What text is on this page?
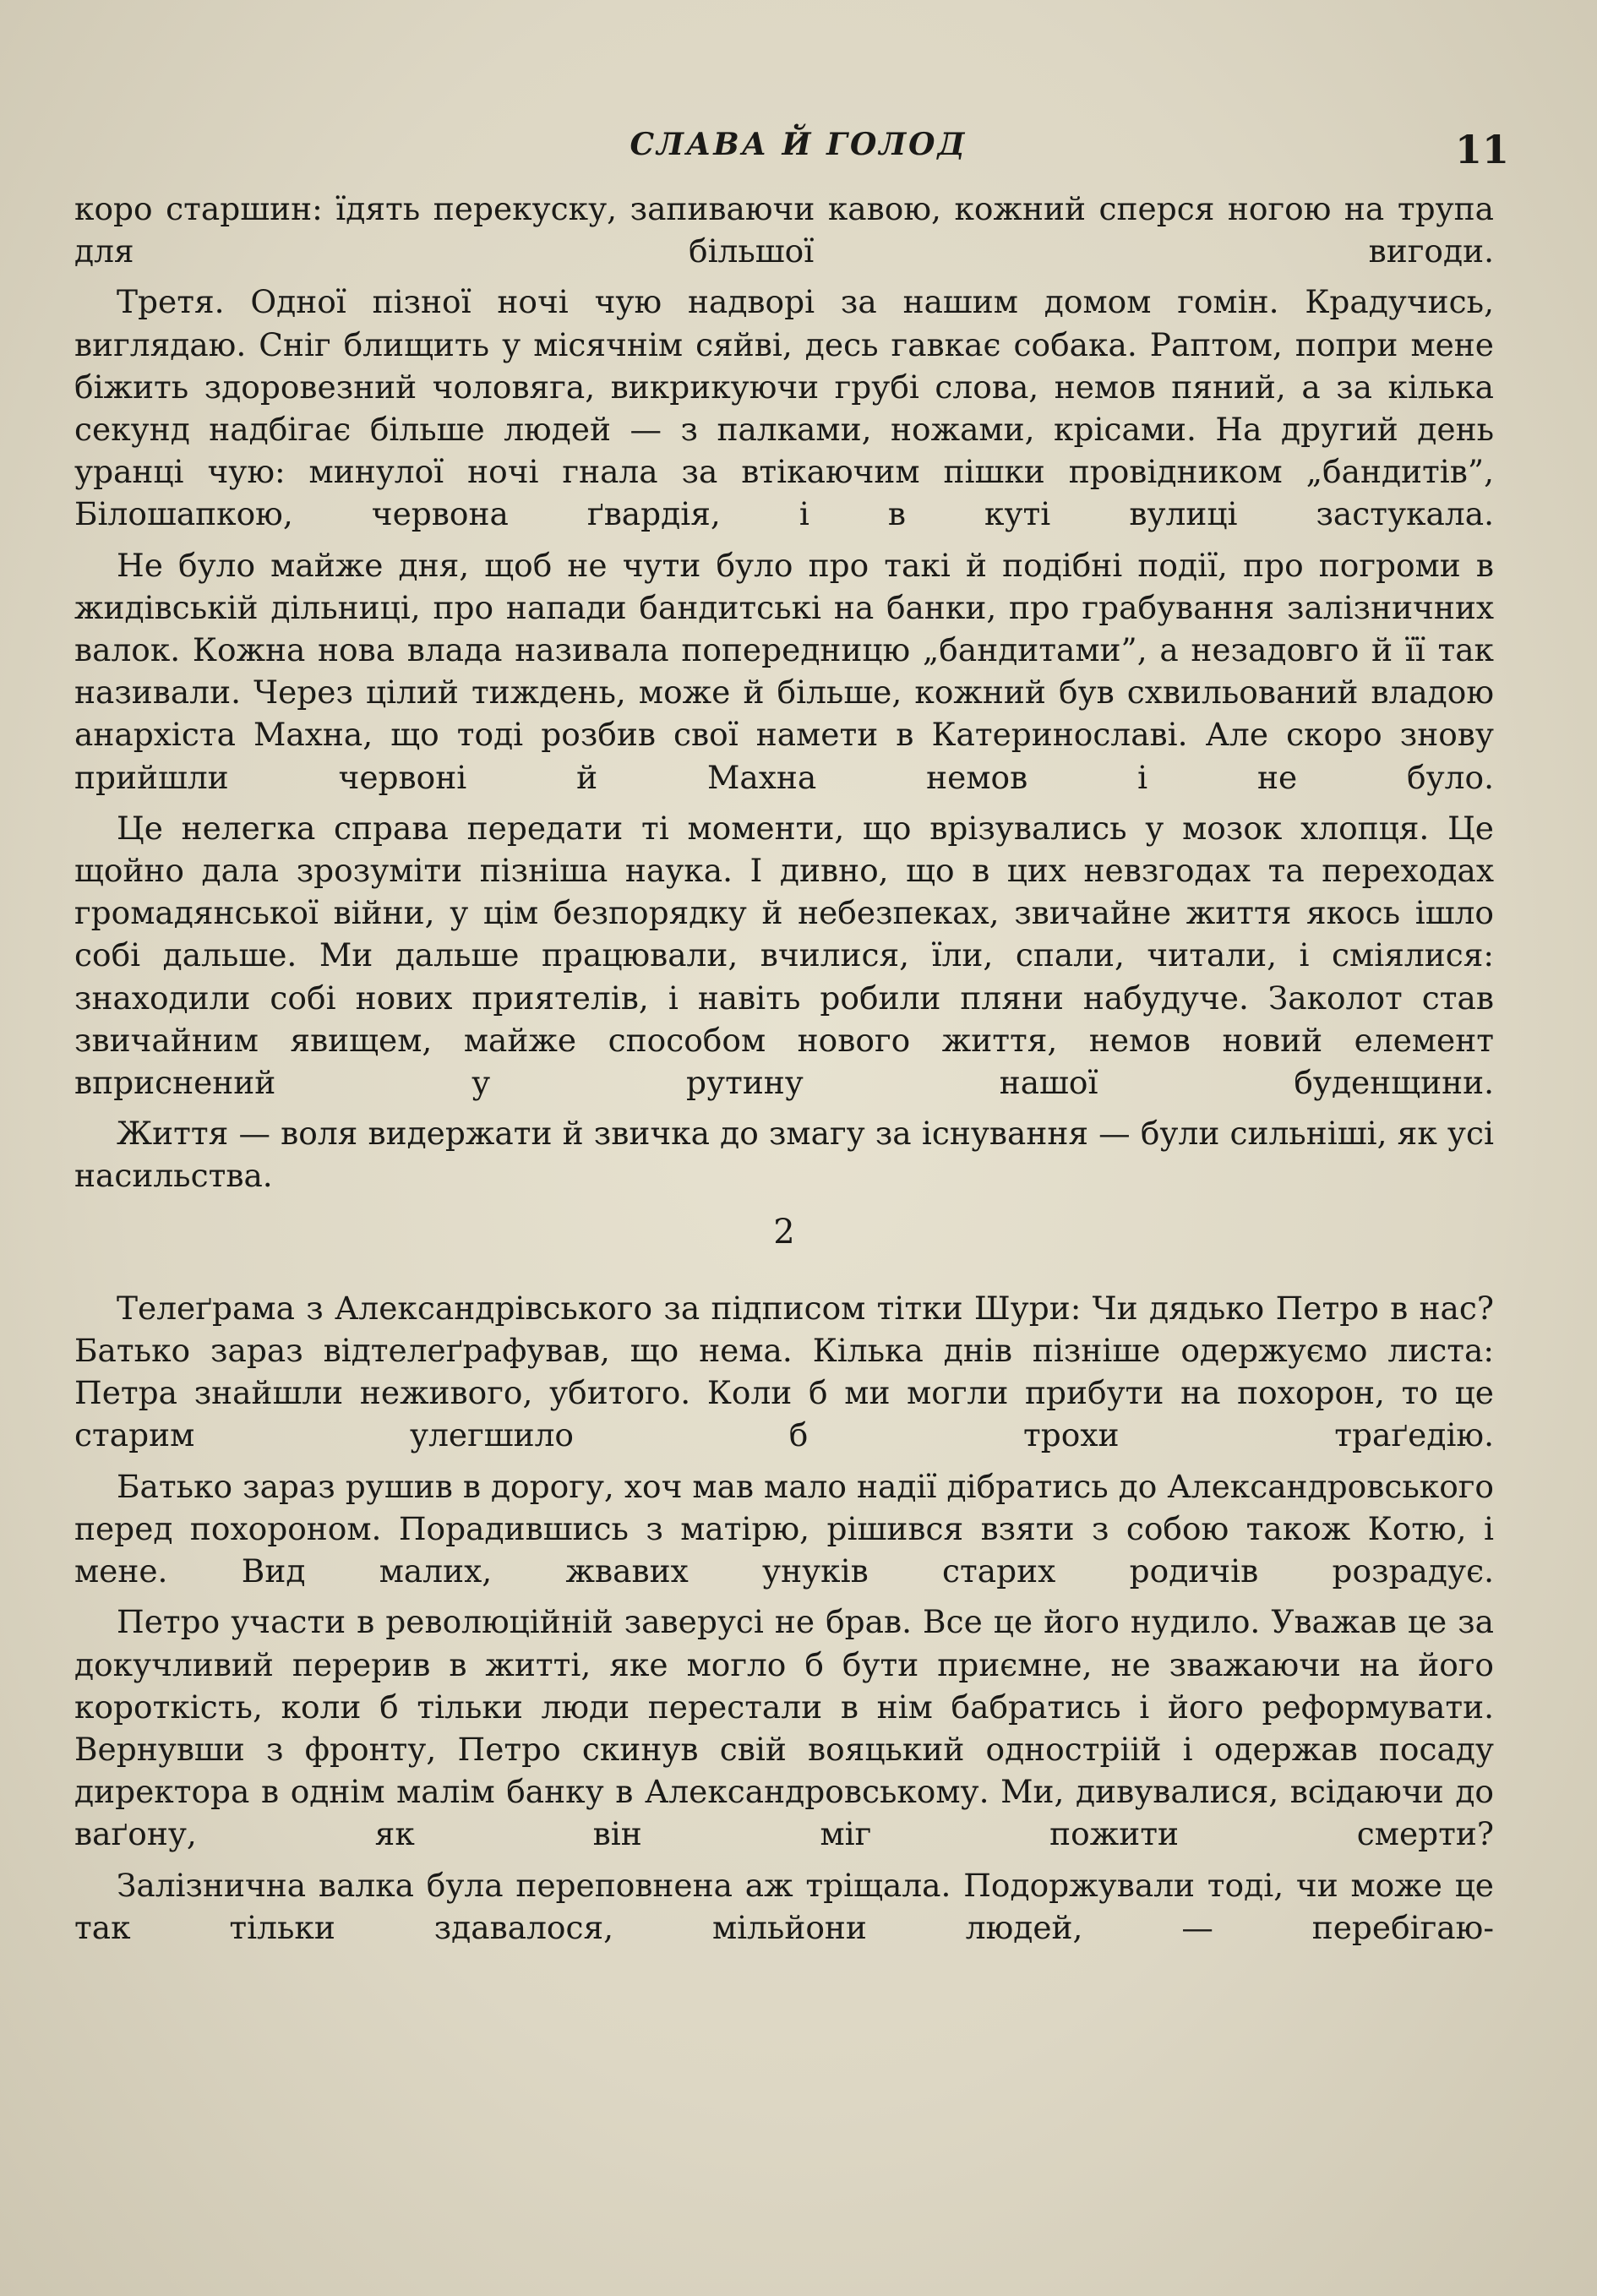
СЛАВА Й ГОЛОД	11

коро старшин: їдять перекуску, запиваючи кавою, кожний сперся ногою на трупа для більшої вигоди.

Третя. Одної пізної ночі чую надворі за нашим домом гомін. Крадучись, виглядаю. Сніг блищить у місячнім сяйві, десь гавкає собака. Раптом, попри мене біжить здоровезний чоловяга, викрикуючи грубі слова, немов пяний, а за кілька секунд надбігає більше людей — з палками, ножами, крісами. На другий день уранці чую: минулої ночі гнала за втікаючим пішки провідником „бандитів”, Білошапкою, червона ґвардія, і в куті вулиці застукала.

Не було майже дня, щоб не чути було про такі й подібні події, про погроми в жидівській дільниці, про напади бандитські на банки, про грабування залізничних валок. Кожна нова влада називала попередницю „бандитами”, а незадовго й її так називали. Через цілий тиждень, може й більше, кожний був схвильований владою анархіста Махна, що тоді розбив свої намети в Катеринославі. Але скоро знову прийшли червоні й Махна немов і не було.

Це нелегка справа передати ті моменти, що врізувались у мозок хлопця. Це щойно дала зрозуміти пізніша наука. І дивно, що в цих невзгодах та переходах громадянської війни, у цім безпорядку й небезпеках, звичайне життя якось ішло собі дальше. Ми дальше працювали, вчилися, їли, спали, читали, і сміялися: знаходили собі нових приятелів, і навіть робили пляни набудуче. Заколот став звичайним явищем, майже способом нового життя, немов новий елемент вприснений у рутину нашої буденщини.

Життя — воля видержати й звичка до змагу за існування — були сильніші, як усі насильства.

2

Телеґрама з Александрівського за підписом тітки Шури: Чи дядько Петро в нас? Батько зараз відтелеґрафував, що нема. Кілька днів пізніше одержуємо листа: Петра знайшли неживого, убитого. Коли б ми могли прибути на похорон, то це старим улегшило б трохи траґедію.

Батько зараз рушив в дорогу, хоч мав мало надії дібратись до Александровського перед похороном. Порадившись з матірю, рішився взяти з собою також Котю, і мене. Вид малих, жвавих унуків старих родичів розрадує.

Петро участи в революційній заверусі не брав. Все це його нудило. Уважав це за докучливий перерив в житті, яке могло б бути приємне, не зважаючи на його короткість, коли б тільки люди перестали в нім бабратись і його реформувати. Вернувши з фронту, Петро скинув свій вояцький одностріій і одержав посаду директора в однім малім банку в Александровському. Ми, дивувалися, всідаючи до ваґону, як він міг пожити смерти?

Залізнична валка була переповнена аж тріщала. Подоржували тоді, чи може це так тільки здавалося, мільйони людей, — перебігаю-
